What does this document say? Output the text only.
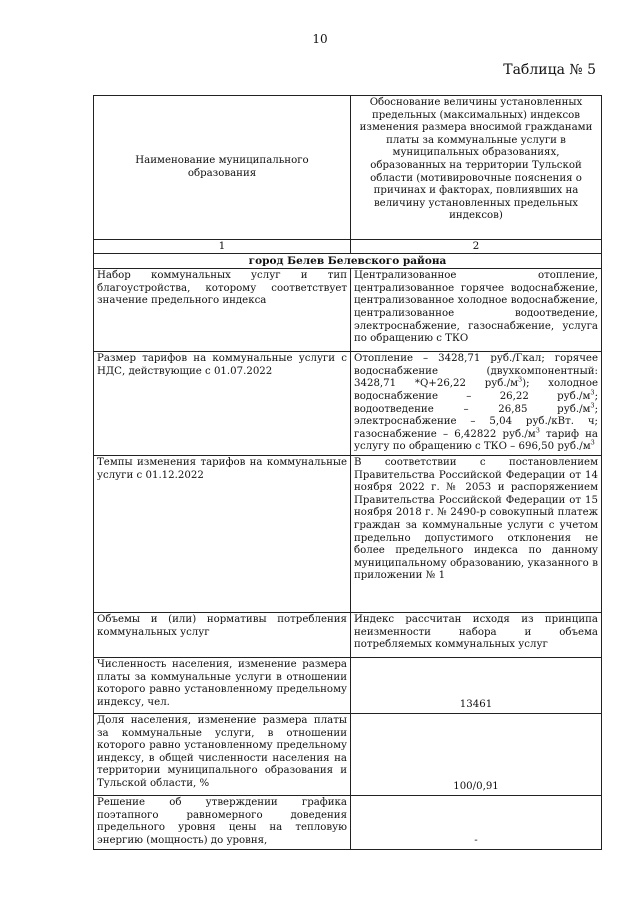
10
Таблица № 5
Наименование муниципального образования	Обоснование величины установленных предельных (максимальных) индексов изменения размера вносимой гражданами платы за коммунальные услуги в муниципальных образованиях, образованных на территории Тульской области (мотивировочные пояснения о причинах и факторах, повлиявших на величину установленных предельных индексов)
1	2
город Белев Белевского района	
Набор коммунальных услуг и тип благоустройства, которому соответствует значение предельного индекса	Централизованное отопление, централизованное горячее водоснабжение, централизованное холодное водоснабжение, централизованное водоотведение, электроснабжение, газоснабжение, услуга по обращению с ТКО
Размер тарифов на коммунальные услуги с НДС, действующие с 01.07.2022	Отопление – 3428,71 руб./Гкал; горячее водоснабжение (двухкомпонентный: 3428,71 *Q+26,22 $руб./м^3$); холодное водоснабжение – 26,22 $руб./м^3$; водоотведение – 26,85 $руб./м^3$; электроснабжение – 5,04 руб./кВт. ч; газоснабжение – 6,42822 $руб./м^3$ тариф на услугу по обращению с ТКО – 696,50 $руб./м^3$
Темпы изменения тарифов на коммунальные услуги с 01.12.2022	В соответствии с постановлением Правительства Российской Федерации от 14 ноября 2022 г. № 2053 и распоряжением Правительства Российской Федерации от 15 ноября 2018 г. № 2490-р совокупный платеж граждан за коммунальные услуги с учетом предельно допустимого отклонения не более предельного индекса по данному муниципальному образованию, указанного в приложении № 1
Объемы и (или) нормативы потребления коммунальных услуг	Индекс рассчитан исходя из принципа неизменности набора и объема потребляемых коммунальных услуг
Численность населения, изменение размера платы за коммунальные услуги в отношении которого равно установленному предельному индексу, чел.	13461
Доля населения, изменение размера платы за коммунальные услуги, в отношении которого равно установленному предельному индексу, в общей численности населения на территории муниципального образования и Тульской области, %	100/0,91
Решение об утверждении графика поэтапного равномерного доведения предельного уровня цены на тепловую энергию (мощность) до уровня,	-
